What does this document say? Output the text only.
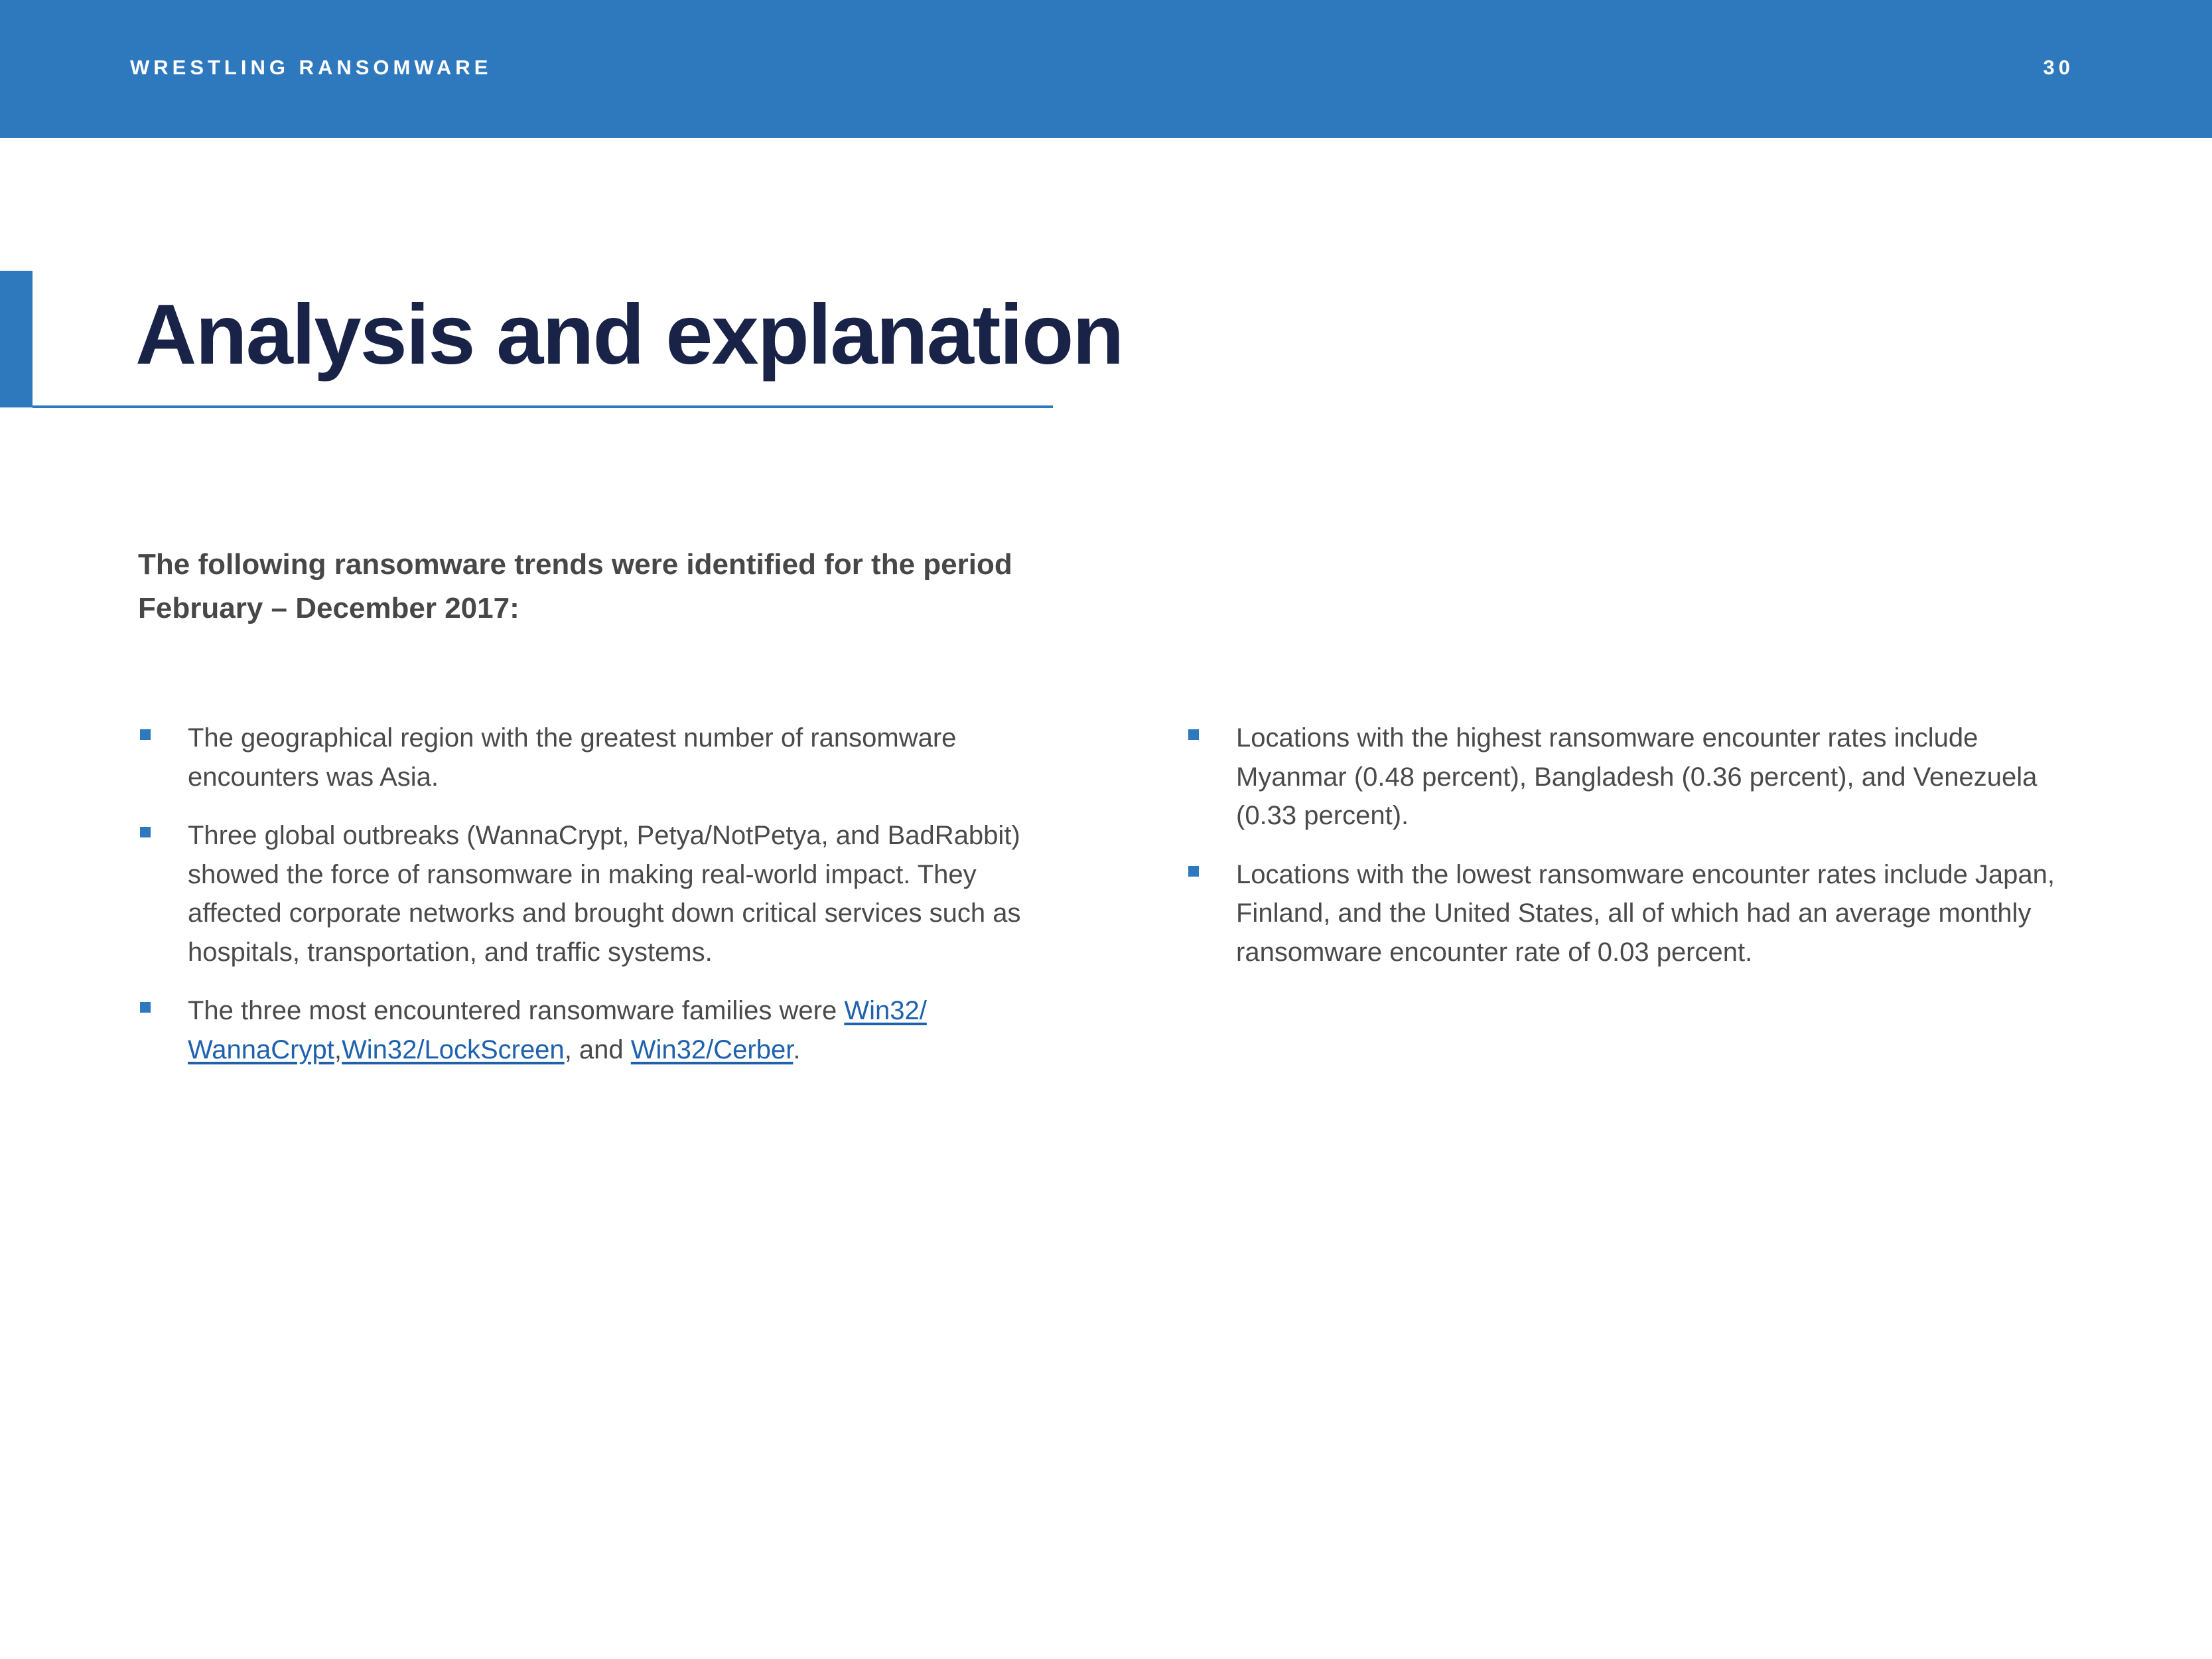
WRESTLING RANSOMWARE	30
Analysis and explanation

The following ransomware trends were identified for the period
February – December 2017:

The geographical region with the greatest number of ransomware encounters was Asia.
Three global outbreaks (WannaCrypt, Petya/NotPetya, and BadRabbit) showed the force of ransomware in making real-world impact. They affected corporate networks and brought down critical services such as hospitals, transportation, and traffic systems.
The three most encountered ransomware families were Win32/
WannaCrypt,Win32/LockScreen, and Win32/Cerber.
Locations with the highest ransomware encounter rates include Myanmar (0.48 percent), Bangladesh (0.36 percent), and Venezuela (0.33 percent).
Locations with the lowest ransomware encounter rates include Japan, Finland, and the United States, all of which had an average monthly ransomware encounter rate of 0.03 percent.
